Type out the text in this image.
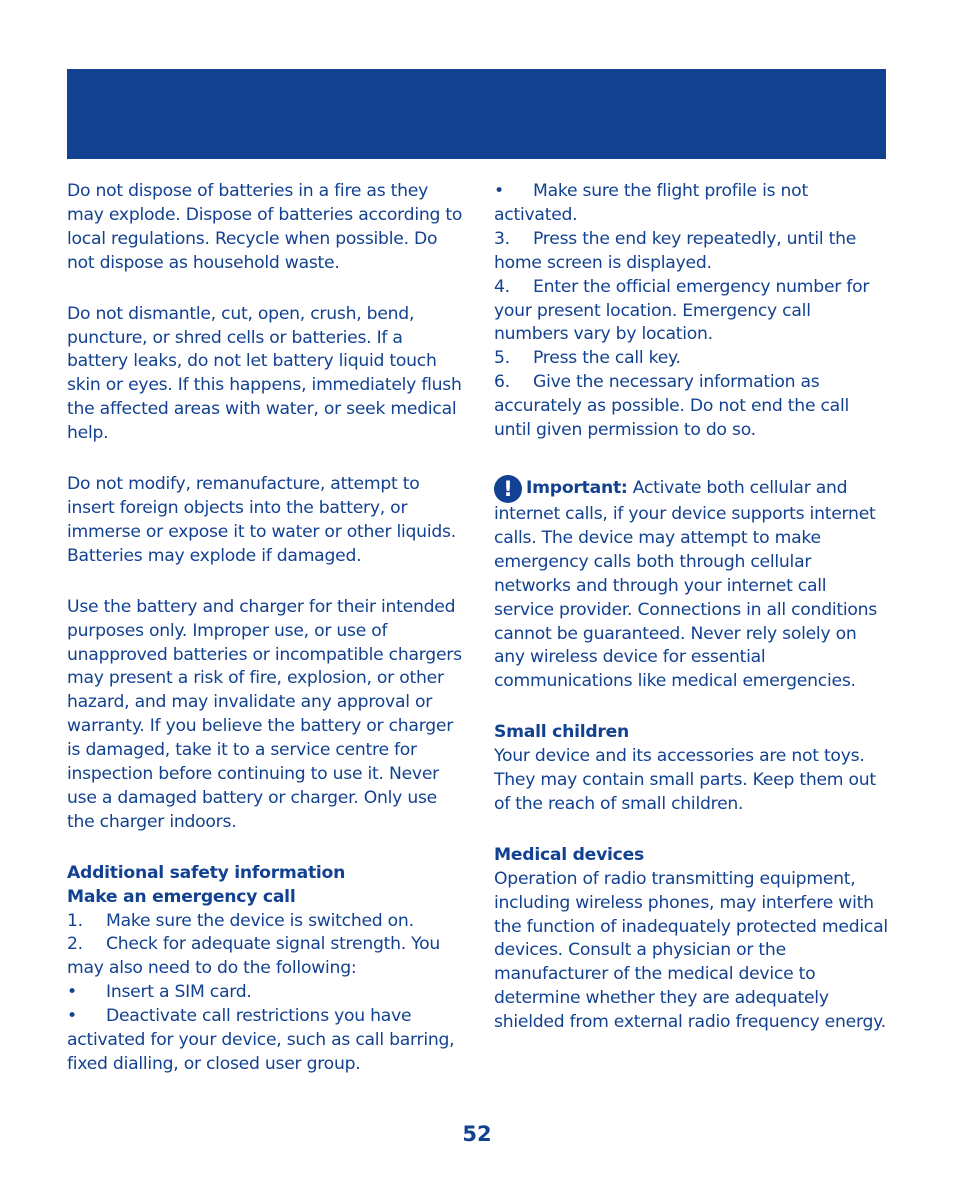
Do not dispose of batteries in a fire as they may explode. Dispose of batteries according to local regulations. Recycle when possible. Do not dispose as household waste.

Do not dismantle, cut, open, crush, bend, puncture, or shred cells or batteries. If a battery leaks, do not let battery liquid touch skin or eyes. If this happens, immediately flush the affected areas with water, or seek medical help.

Do not modify, remanufacture, attempt to insert foreign objects into the battery, or immerse or expose it to water or other liquids. Batteries may explode if damaged.

Use the battery and charger for their intended purposes only. Improper use, or use of unapproved batteries or incompatible chargers may present a risk of fire, explosion, or other hazard, and may invalidate any approval or warranty. If you believe the battery or charger is damaged, take it to a service centre for inspection before continuing to use it. Never use a damaged battery or charger. Only use the charger indoors.

Additional safety information

Make an emergency call

1. Make sure the device is switched on.

2. Check for adequate signal strength. You may also need to do the following:

• Insert a SIM card.

• Deactivate call restrictions you have activated for your device, such as call barring, fixed dialling, or closed user group.

• Make sure the flight profile is not activated.

3. Press the end key repeatedly, until the home screen is displayed.

4. Enter the official emergency number for your present location. Emergency call numbers vary by location.

5. Press the call key.

6. Give the necessary information as accurately as possible. Do not end the call until given permission to do so.

! Important: Activate both cellular and internet calls, if your device supports internet calls. The device may attempt to make emergency calls both through cellular networks and through your internet call service provider. Connections in all conditions cannot be guaranteed. Never rely solely on any wireless device for essential communications like medical emergencies.

Small children

Your device and its accessories are not toys. They may contain small parts. Keep them out of the reach of small children.

Medical devices

Operation of radio transmitting equipment, including wireless phones, may interfere with the function of inadequately protected medical devices. Consult a physician or the manufacturer of the medical device to determine whether they are adequately shielded from external radio frequency energy.

52
